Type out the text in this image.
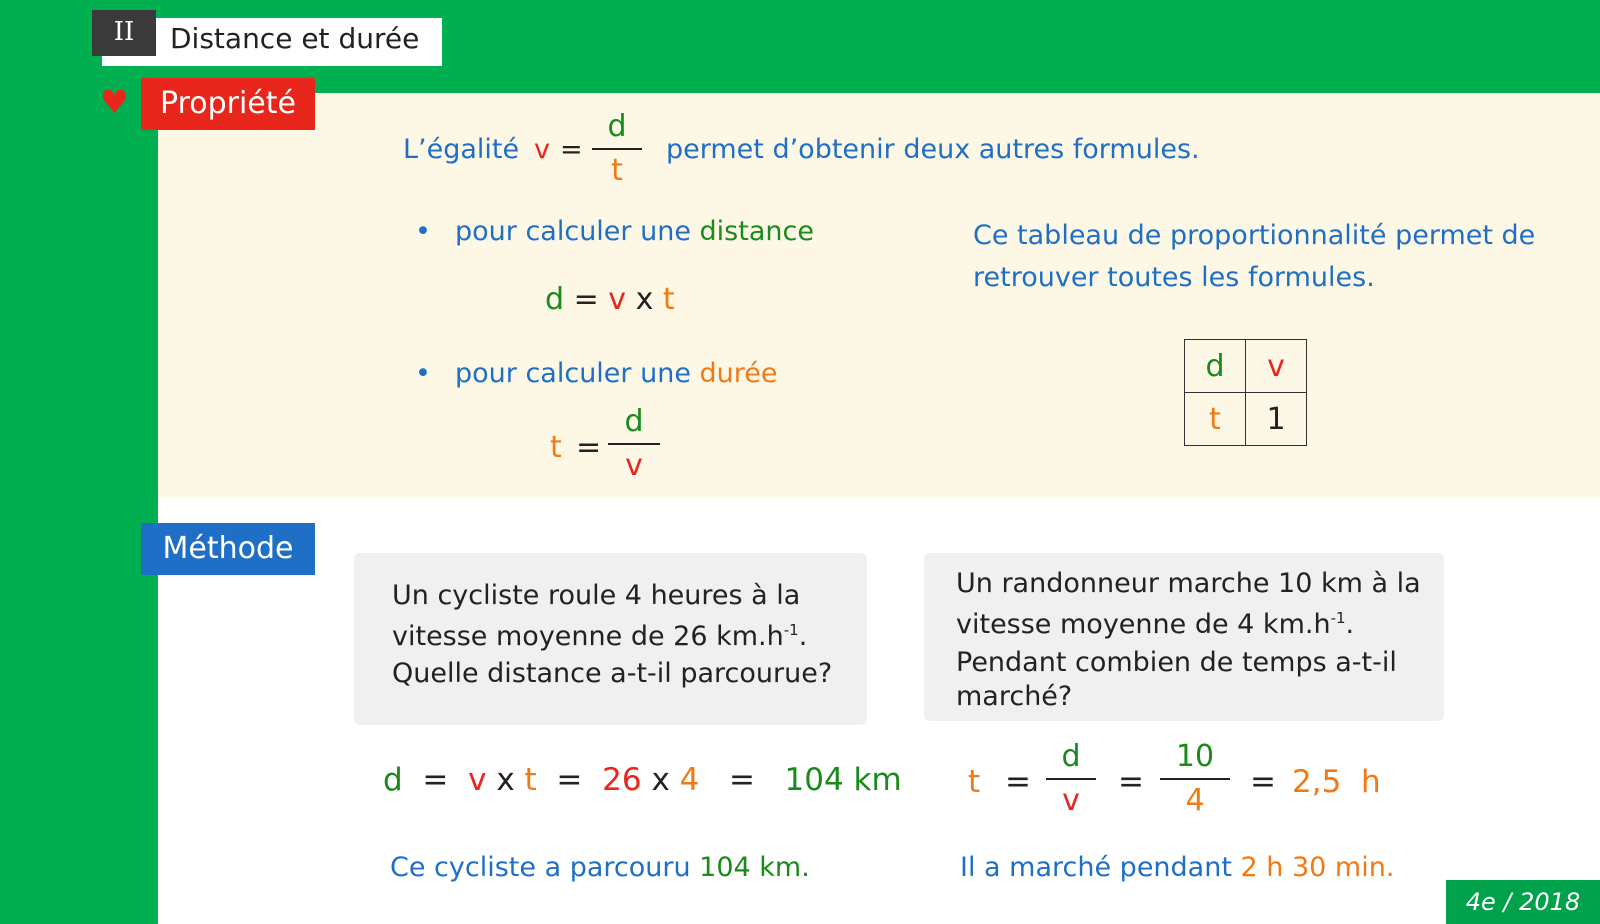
II	Distance et durée
♥	Propriété
L’égalité v =
d
t
permet d’obtenir deux autres formules.
• pour calculer une distance
d = v x t
• pour calculer une durée
t =
d
v
Ce tableau de proportionnalité permet de
retrouver toutes les formules.
d	v
t	1
Méthode
Un cycliste roule 4 heures à la
vitesse moyenne de 26 $km.h^{-1}$.
Quelle distance a-t-il parcourue?
Un randonneur marche 10 km à la
vitesse moyenne de 4 $km.h^{-1}$.
Pendant combien de temps a-t-il
marché?
d = v x t = 26 x 4 = 104 km t =
d
v
=
10
4
= 2,5  h
Ce cycliste a parcouru 104 km.	Il a marché pendant 2 h 30 min.
4e / 2018
